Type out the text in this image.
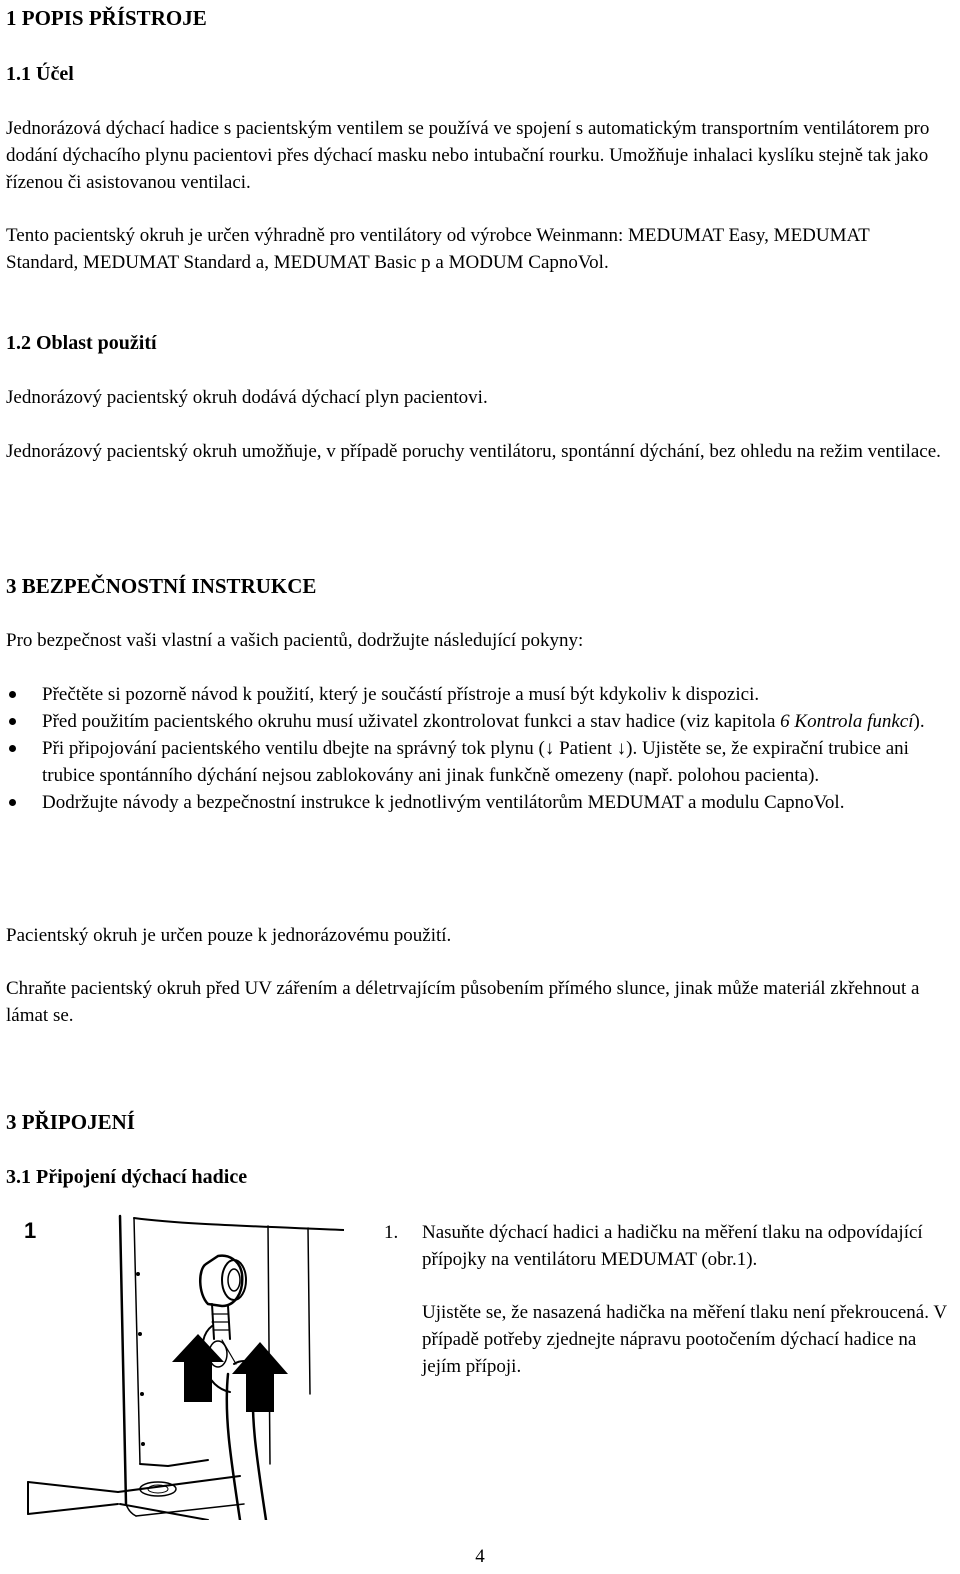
1 POPIS PŘÍSTROJE
1.1 Účel

Jednorázová dýchací hadice s pacientským ventilem se používá ve spojení s automatickým transportním ventilátorem pro dodání dýchacího plynu pacientovi přes dýchací masku nebo intubační rourku. Umožňuje inhalaci kyslíku stejně tak jako řízenou či asistovanou ventilaci.

Tento pacientský okruh je určen výhradně pro ventilátory od výrobce Weinmann: MEDUMAT Easy, MEDUMAT Standard, MEDUMAT Standard a, MEDUMAT Basic p a MODUM CapnoVol.

1.2 Oblast použití

Jednorázový pacientský okruh dodává dýchací plyn pacientovi.

Jednorázový pacientský okruh umožňuje, v případě poruchy ventilátoru, spontánní dýchání, bez ohledu na režim ventilace.

3 BEZPEČNOSTNÍ INSTRUKCE

Pro bezpečnost vaši vlastní a vašich pacientů, dodržujte následující pokyny:

Přečtěte si pozorně návod k použití, který je součástí přístroje a musí být kdykoliv k dispozici.
Před použitím pacientského okruhu musí uživatel zkontrolovat funkci a stav hadice (viz kapitola 6 Kontrola funkcí).
Při připojování pacientského ventilu dbejte na správný tok plynu (↓ Patient ↓). Ujistěte se, že expirační trubice ani trubice spontánního dýchání nejsou zablokovány ani jinak funkčně omezeny (např. polohou pacienta).
Dodržujte návody a bezpečnostní instrukce k jednotlivým ventilátorům MEDUMAT a modulu CapnoVol.

Pacientský okruh je určen pouze k jednorázovému použití.

Chraňte pacientský okruh před UV zářením a déletrvajícím působením přímého slunce, jinak může materiál zkřehnout a lámat se.

3 PŘIPOJENÍ
3.1 Připojení dýchací hadice
1	1.	Nasuňte dýchací hadici a hadičku na měření tlaku na odpovídající přípojky na ventilátoru MEDUMAT (obr.1).
Ujistěte se, že nasazená hadička na měření tlaku není překroucená. V případě potřeby zjednejte nápravu pootočením dýchací hadice na jejím přípoji.
4
